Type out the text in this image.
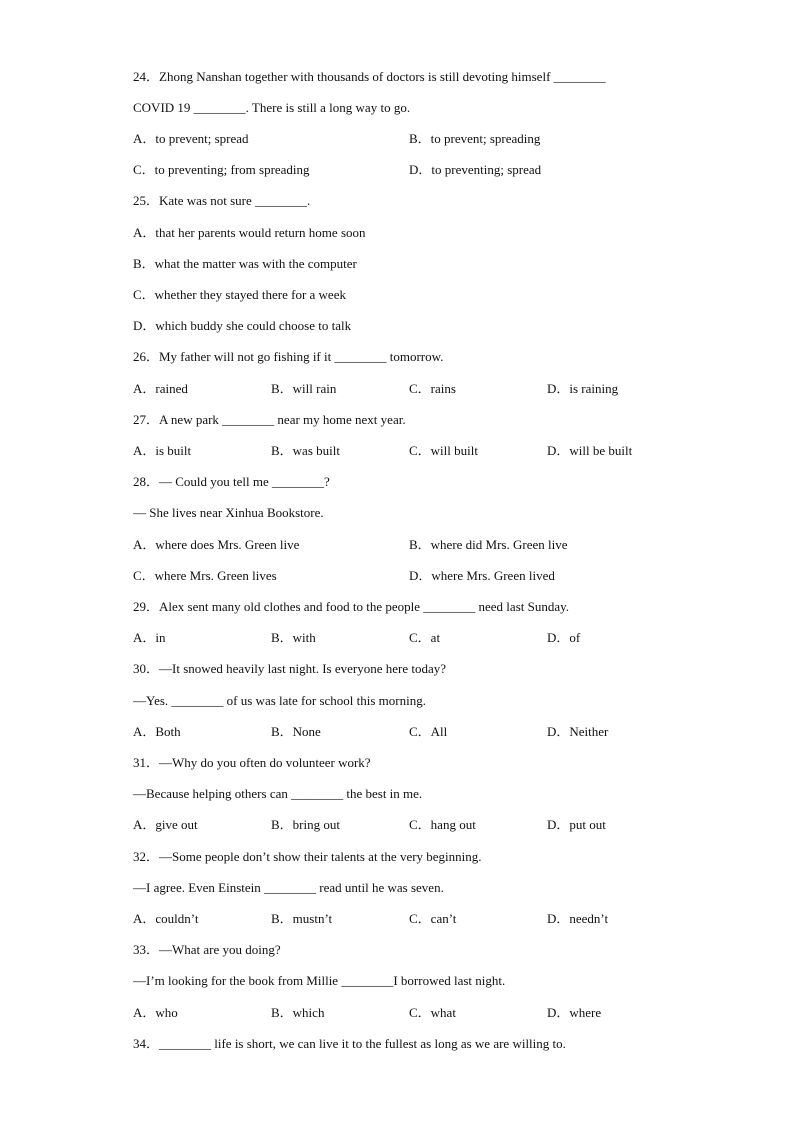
24．Zhong Nanshan together with thousands of doctors is still devoting himself ________
COVID 19 ________. There is still a long way to go.
A．to prevent; spread	B．to prevent; spreading
C．to preventing; from spreading	D．to preventing; spread
25．Kate was not sure ________.
A．that her parents would return home soon
B．what the matter was with the computer
C．whether they stayed there for a week
D．which buddy she could choose to talk
26．My father will not go fishing if it ________ tomorrow.
A．rained	B．will rain	C．rains	D．is raining
27．A new park ________ near my home next year.
A．is built	B．was built	C．will built	D．will be built
28．— Could you tell me ________?
— She lives near Xinhua Bookstore.
A．where does Mrs. Green live	B．where did Mrs. Green live
C．where Mrs. Green lives	D．where Mrs. Green lived
29．Alex sent many old clothes and food to the people ________ need last Sunday.
A．in	B．with	C．at	D．of
30．—It snowed heavily last night. Is everyone here today?
—Yes. ________ of us was late for school this morning.
A．Both	B．None	C．All	D．Neither
31．—Why do you often do volunteer work?
—Because helping others can ________ the best in me.
A．give out	B．bring out	C．hang out	D．put out
32．—Some people don’t show their talents at the very beginning.
—I agree. Even Einstein ________ read until he was seven.
A．couldn’t	B．mustn’t	C．can’t	D．needn’t
33．—What are you doing?
—I’m looking for the book from Millie ________I borrowed last night.
A．who	B．which	C．what	D．where
34．________ life is short, we can live it to the fullest as long as we are willing to.
